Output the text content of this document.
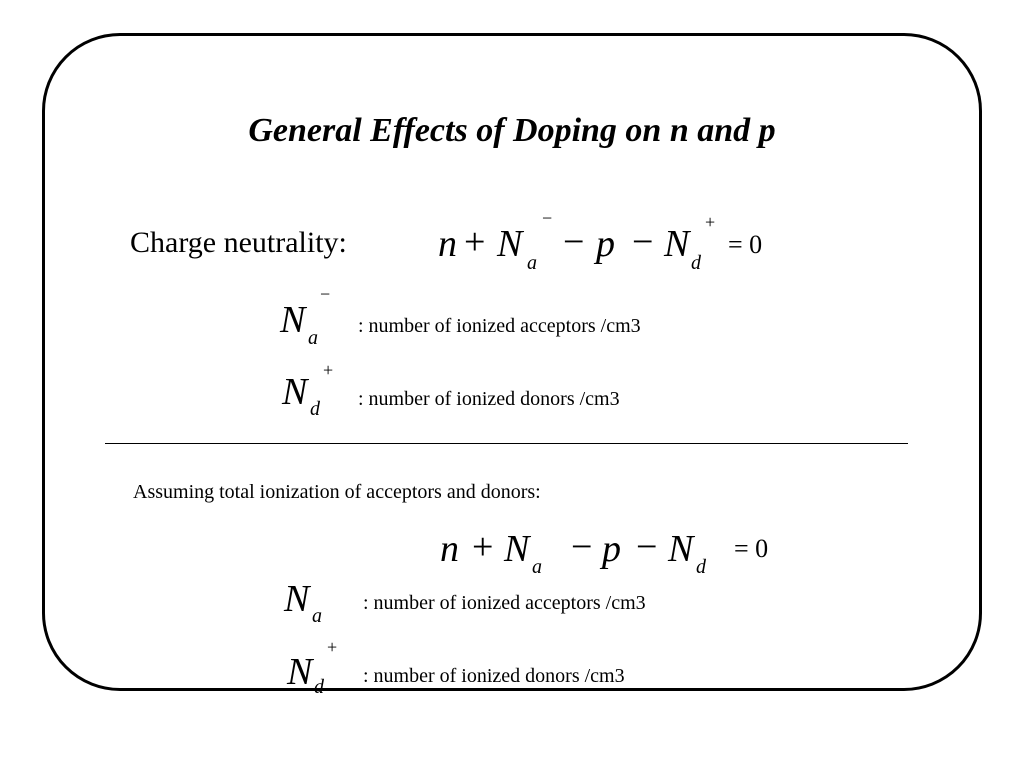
General Effects of Doping on n and p
Charge neutrality: n + N a
−
− p − N d
+
= 0
N a
−
: number of ionized acceptors /cm3
N d
+
: number of ionized donors /cm3
Assuming total ionization of acceptors and donors:
n + N a − p − N d
= 0
N a
: number of ionized acceptors /cm3
N d
+
: number of ionized donors /cm3
